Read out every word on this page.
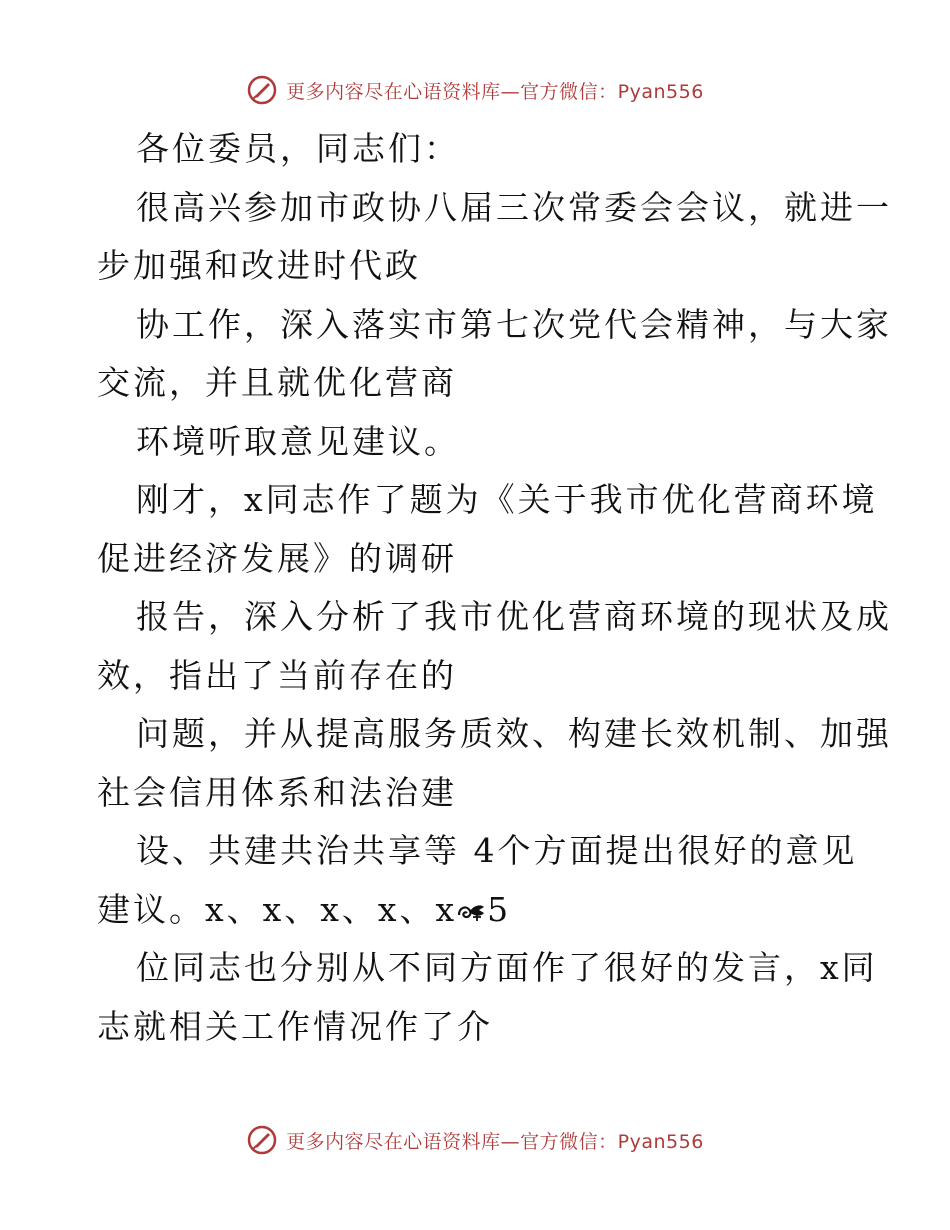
更多内容尽在心语资料库—官方微信：Pyan556
各位委员，同志们：
很高兴参加市政协八届三次常委会会议，就进一
步加强和改进时代政
协工作，深入落实市第七次党代会精神，与大家
交流，并且就优化营商
环境听取意见建议。
刚才，x同志作了题为《关于我市优化营商环境
促进经济发展》的调研
报告，深入分析了我市优化营商环境的现状及成
效，指出了当前存在的
问题，并从提高服务质效、构建长效机制、加强
社会信用体系和法治建
设、共建共治共享等 4个方面提出很好的意见
建议。x、x、x、x、x 5
位同志也分别从不同方面作了很好的发言，x同
志就相关工作情况作了介
更多内容尽在心语资料库—官方微信：Pyan556
